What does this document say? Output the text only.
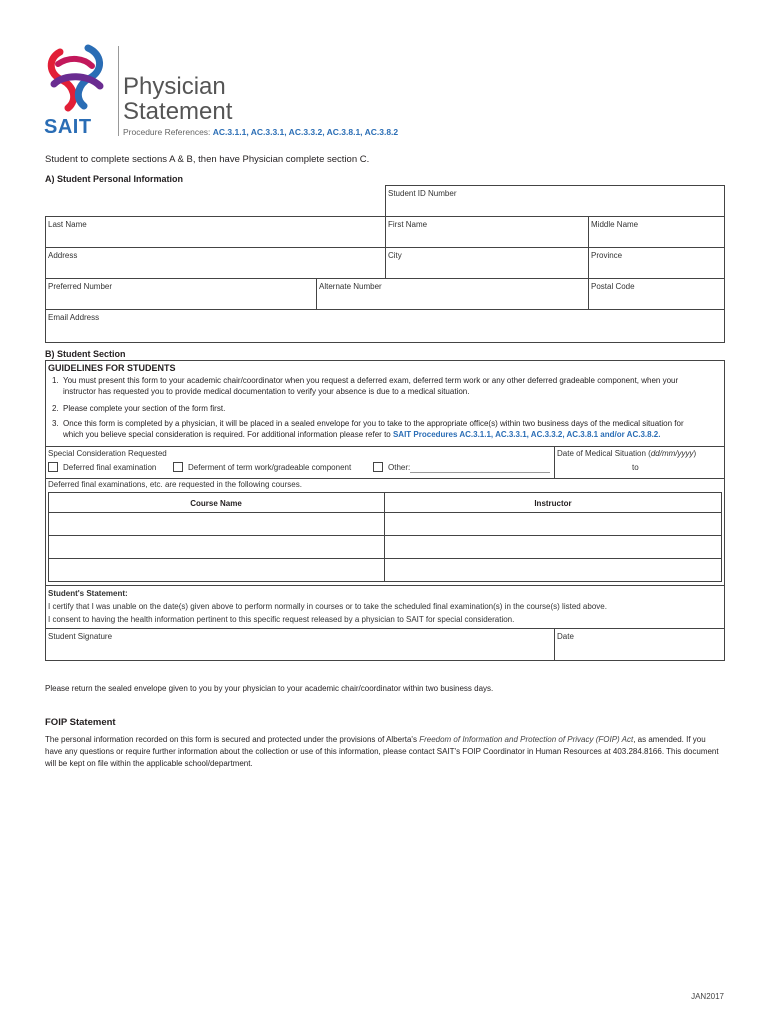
SAIT
Physician
Statement
Procedure References: AC.3.1.1, AC.3.3.1, AC.3.3.2, AC.3.8.1, AC.3.8.2
Student to complete sections A & B, then have Physician complete section C.
A) Student Personal Information
Student ID Number
Last Name	First Name	Middle Name
Address	City	Province
Preferred Number	Alternate Number	Postal Code
Email Address
B) Student Section
GUIDELINES FOR STUDENTS
1. You must present this form to your academic chair/coordinator when you request a deferred exam, deferred term work or any other deferred gradeable component, when your
instructor has requested you to provide medical documentation to verify your absence is due to a medical situation.
2. Please complete your section of the form first.
3. Once this form is completed by a physician, it will be placed in a sealed envelope for you to take to the appropriate office(s) within two business days of the medical situation for
which you believe special consideration is required. For additional information please refer to SAIT Procedures AC.3.1.1, AC.3.3.1, AC.3.3.2, AC.3.8.1 and/or AC.3.8.2.
Special Consideration Requested
Deferred final examination	Deferment of term work/gradeable component	Other:
Date of Medical Situation (dd/mm/yyyy)
to
Deferred final examinations, etc. are requested in the following courses.
Course Name	Instructor
Student's Statement:
I certify that I was unable on the date(s) given above to perform normally in courses or to take the scheduled final examination(s) in the course(s) listed above.
I consent to having the health information pertinent to this specific request released by a physician to SAIT for special consideration.
Student Signature	Date
Please return the sealed envelope given to you by your physician to your academic chair/coordinator within two business days.
FOIP Statement
The personal information recorded on this form is secured and protected under the provisions of Alberta's Freedom of Information and Protection of Privacy (FOIP) Act, as amended. If you have any questions or require further information about the collection or use of this information, please contact SAIT's FOIP Coordinator in Human Resources at 403.284.8166. This document will be kept on file within the applicable school/department.
JAN2017
